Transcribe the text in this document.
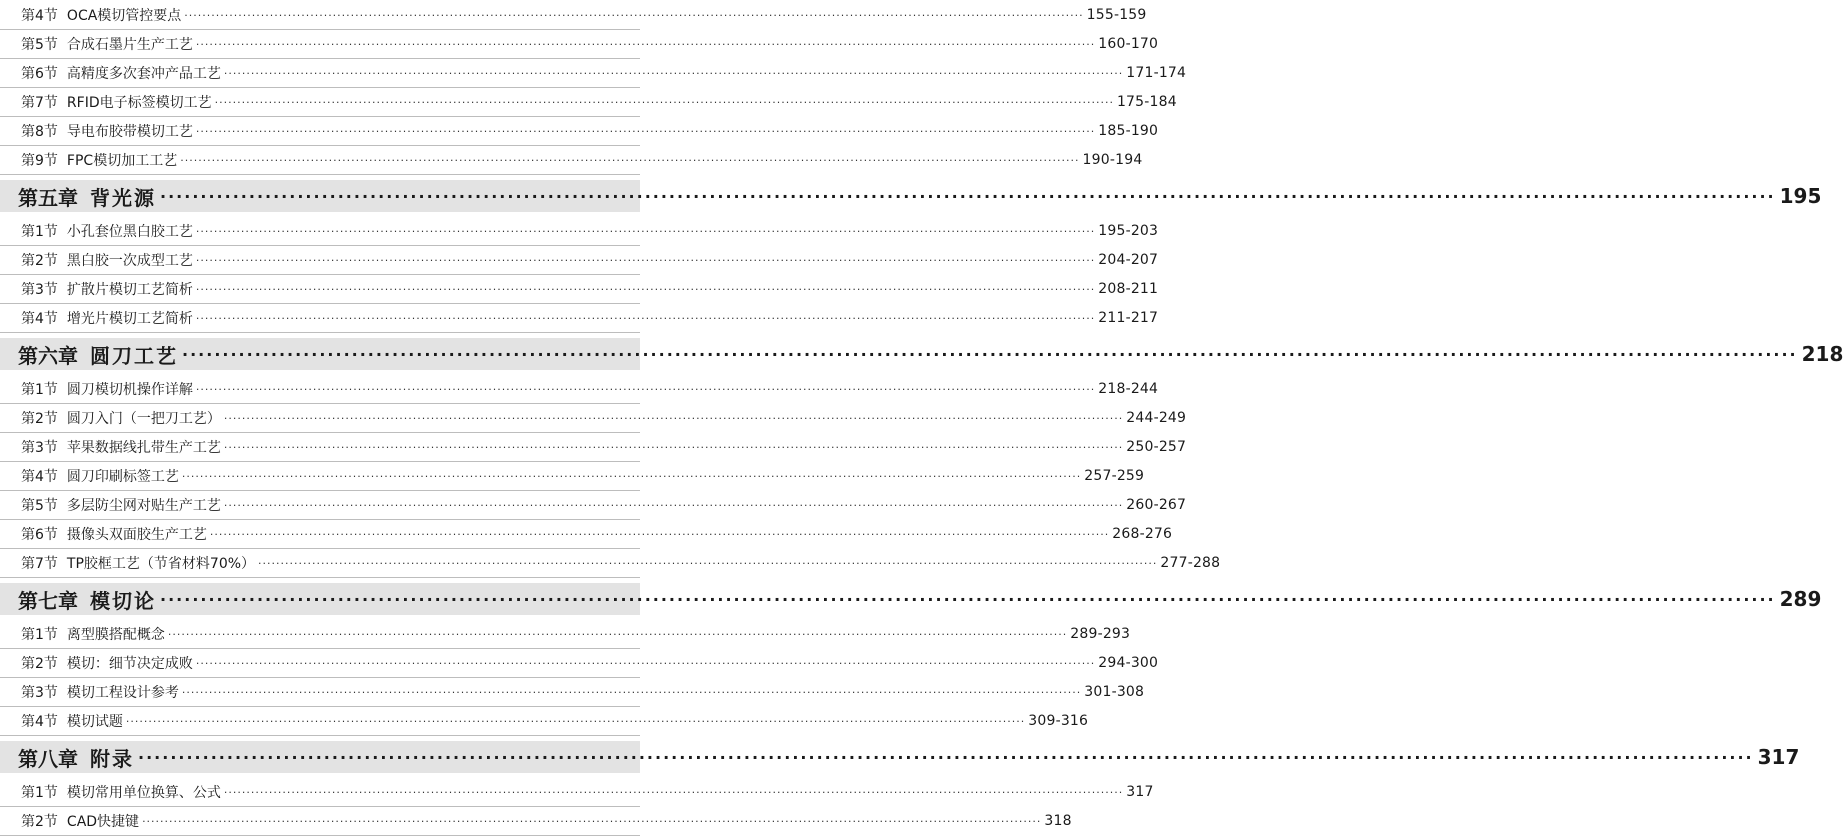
第4节 OCA模切管控要点 ········································································································································································································ 155-159
第5节 合成石墨片生产工艺 ········································································································································································································ 160-170
第6节 高精度多次套冲产品工艺 ········································································································································································································ 171-174
第7节 RFID电子标签模切工艺 ········································································································································································································ 175-184
第8节 导电布胶带模切工艺 ········································································································································································································ 185-190
第9节 FPC模切加工工艺 ········································································································································································································ 190-194
第五章 背光源 ········································································································································································································ 195
第1节 小孔套位黑白胶工艺 ········································································································································································································ 195-203
第2节 黑白胶一次成型工艺 ········································································································································································································ 204-207
第3节 扩散片模切工艺简析 ········································································································································································································ 208-211
第4节 增光片模切工艺简析 ········································································································································································································ 211-217
第六章 圆刀工艺 ········································································································································································································ 218
第1节 圆刀模切机操作详解 ········································································································································································································ 218-244
第2节 圆刀入门（一把刀工艺） ········································································································································································································ 244-249
第3节 苹果数据线扎带生产工艺 ········································································································································································································ 250-257
第4节 圆刀印刷标签工艺 ········································································································································································································ 257-259
第5节 多层防尘网对贴生产工艺 ········································································································································································································ 260-267
第6节 摄像头双面胶生产工艺 ········································································································································································································ 268-276
第7节 TP胶框工艺（节省材料70%） ········································································································································································································ 277-288
第七章 模切论 ········································································································································································································ 289
第1节 离型膜搭配概念 ········································································································································································································ 289-293
第2节 模切：细节决定成败 ········································································································································································································ 294-300
第3节 模切工程设计参考 ········································································································································································································ 301-308
第4节 模切试题 ········································································································································································································ 309-316
第八章 附录 ········································································································································································································ 317
第1节 模切常用单位换算、公式 ········································································································································································································ 317
第2节 CAD快捷键 ········································································································································································································ 318
